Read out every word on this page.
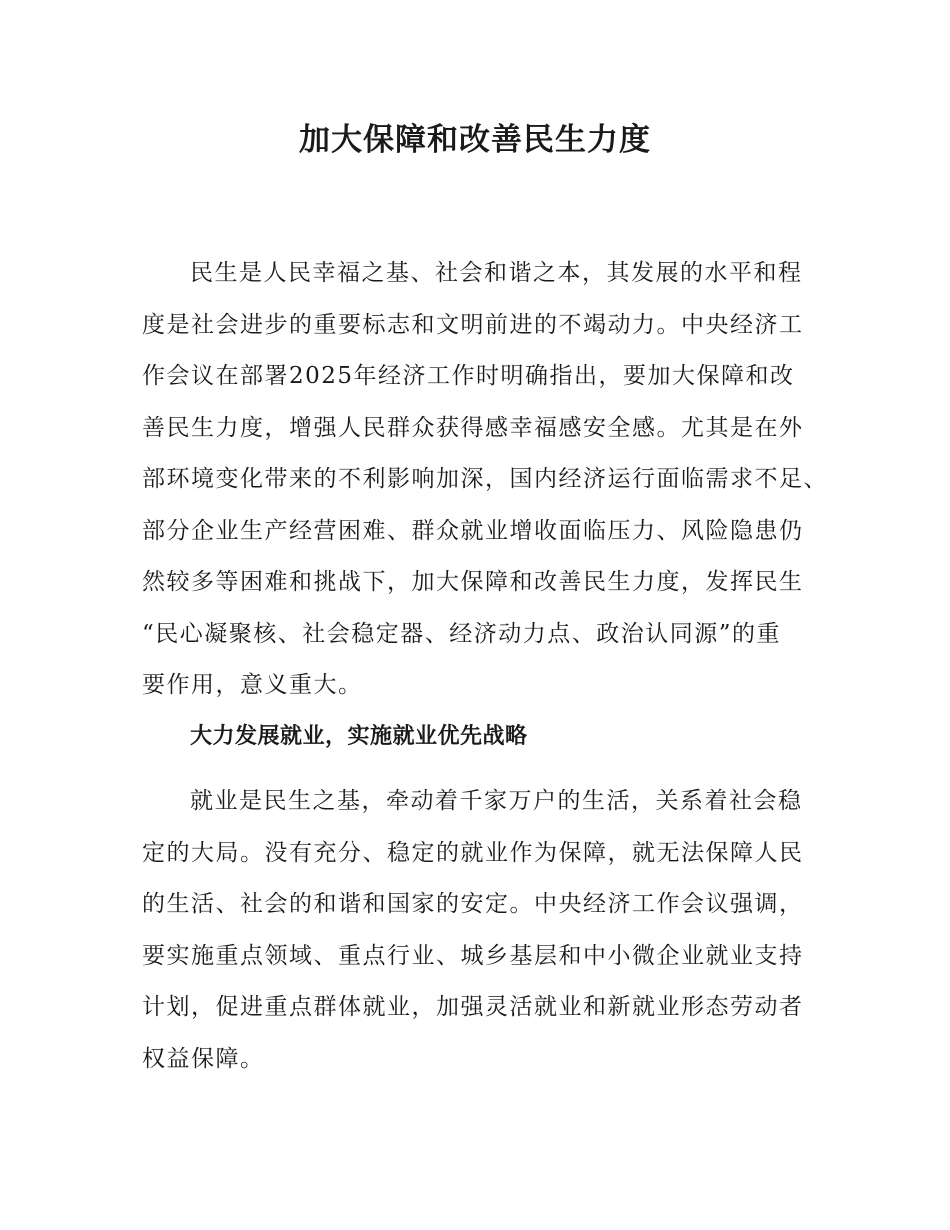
加大保障和改善民生力度
民生是人民幸福之基、社会和谐之本，其发展的水平和程
度是社会进步的重要标志和文明前进的不竭动力。中央经济工
作会议在部署2025年经济工作时明确指出，要加大保障和改
善民生力度，增强人民群众获得感幸福感安全感。尤其是在外
部环境变化带来的不利影响加深，国内经济运行面临需求不足、
部分企业生产经营困难、群众就业增收面临压力、风险隐患仍
然较多等困难和挑战下，加大保障和改善民生力度，发挥民生
“民心凝聚核、社会稳定器、经济动力点、政治认同源”的重
要作用，意义重大。
大力发展就业，实施就业优先战略
就业是民生之基，牵动着千家万户的生活，关系着社会稳
定的大局。没有充分、稳定的就业作为保障，就无法保障人民
的生活、社会的和谐和国家的安定。中央经济工作会议强调，
要实施重点领域、重点行业、城乡基层和中小微企业就业支持
计划，促进重点群体就业，加强灵活就业和新就业形态劳动者
权益保障。
